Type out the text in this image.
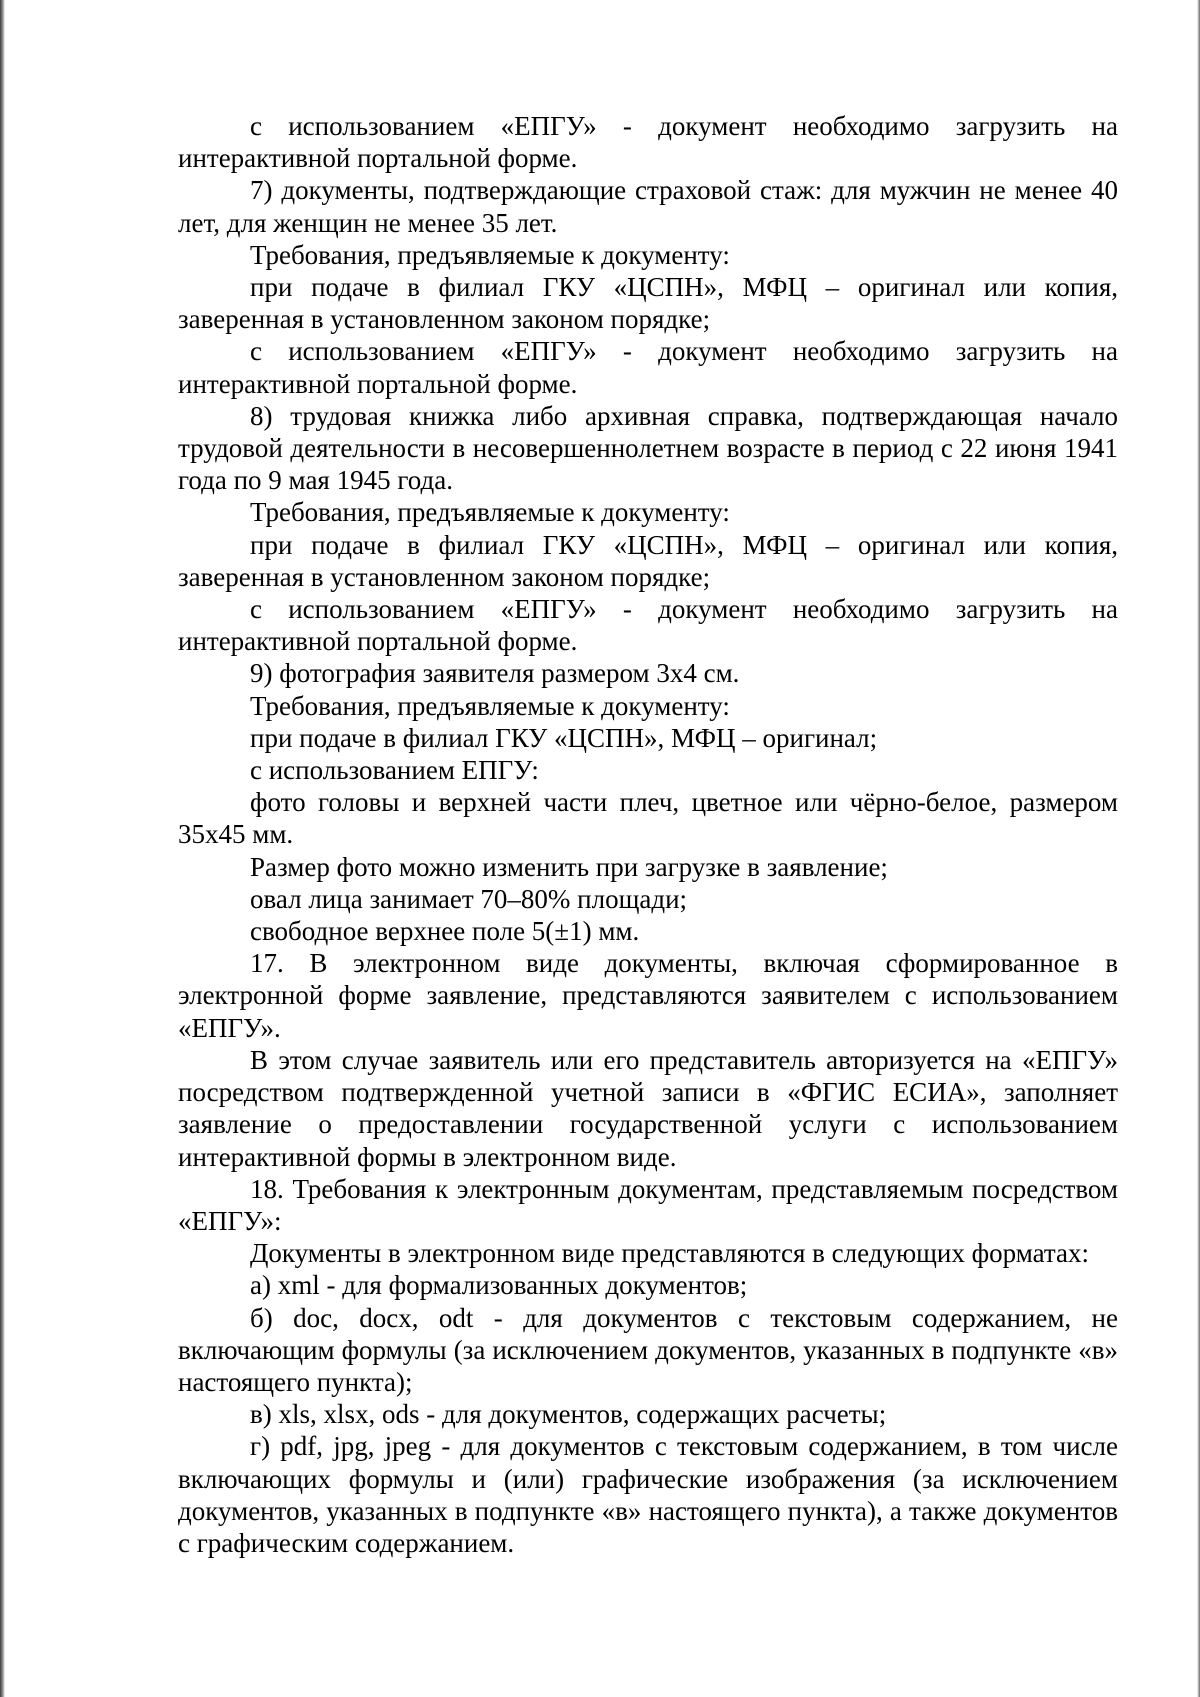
с использованием «ЕПГУ» - документ необходимо загрузить на интерактивной портальной форме.

7) документы, подтверждающие страховой стаж: для мужчин не менее 40 лет, для женщин не менее 35 лет.

Требования, предъявляемые к документу:

при подаче в филиал ГКУ «ЦСПН», МФЦ – оригинал или копия, заверенная в установленном законом порядке;

с использованием «ЕПГУ» - документ необходимо загрузить на интерактивной портальной форме.

8) трудовая книжка либо архивная справка, подтверждающая начало трудовой деятельности в несовершеннолетнем возрасте в период с 22 июня 1941 года по 9 мая 1945 года.

Требования, предъявляемые к документу:

при подаче в филиал ГКУ «ЦСПН», МФЦ – оригинал или копия, заверенная в установленном законом порядке;

с использованием «ЕПГУ» - документ необходимо загрузить на интерактивной портальной форме.

9) фотография заявителя размером 3x4 см.

Требования, предъявляемые к документу:

при подаче в филиал ГКУ «ЦСПН», МФЦ – оригинал;

с использованием ЕПГУ:

фото головы и верхней части плеч, цветное или чёрно-белое, размером 35x45 мм.

Размер фото можно изменить при загрузке в заявление;

овал лица занимает 70–80% площади;

свободное верхнее поле 5(±1) мм.

17. В электронном виде документы, включая сформированное в электронной форме заявление, представляются заявителем с использованием «ЕПГУ».

В этом случае заявитель или его представитель авторизуется на «ЕПГУ» посредством подтвержденной учетной записи в «ФГИС ЕСИА», заполняет заявление о предоставлении государственной услуги с использованием интерактивной формы в электронном виде.

18. Требования к электронным документам, представляемым посредством «ЕПГУ»:

Документы в электронном виде представляются в следующих форматах:

а) xml - для формализованных документов;

б) doc, docx, odt - для документов с текстовым содержанием, не включающим формулы (за исключением документов, указанных в подпункте «в» настоящего пункта);

в) xls, xlsx, ods - для документов, содержащих расчеты;

г) pdf, jpg, jpeg - для документов с текстовым содержанием, в том числе включающих формулы и (или) графические изображения (за исключением документов, указанных в подпункте «в» настоящего пункта), а также документов с графическим содержанием.
